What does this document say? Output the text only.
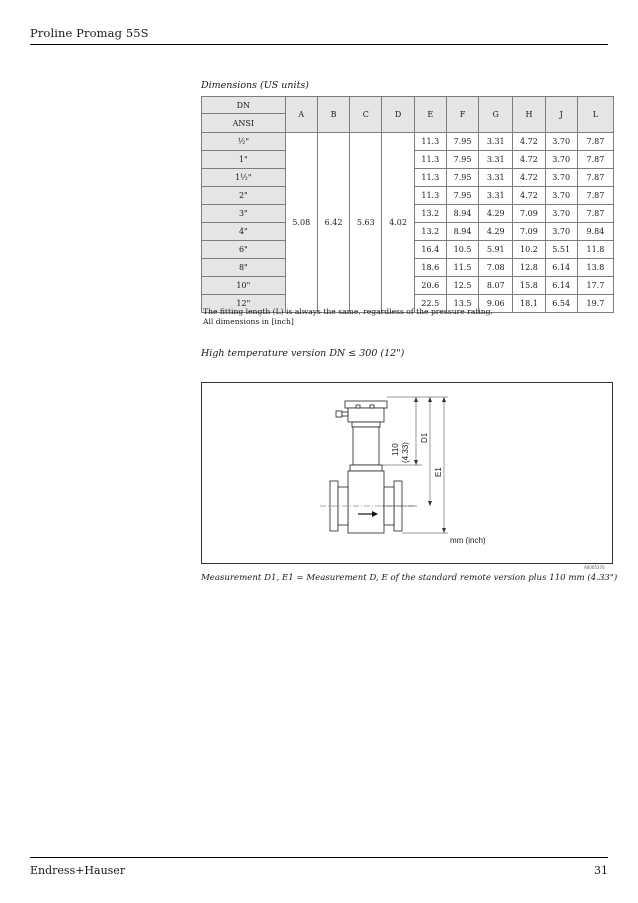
Proline Promag 55S
Dimensions (US units)
DN	A	B	C	D	E	F	G	H	J	L
ANSI										
½"	5.08	6.42	5.63	4.02	11.3	7.95	3.31	4.72	3.70	7.87
1"					11.3	7.95	3.31	4.72	3.70	7.87
1½"					11.3	7.95	3.31	4.72	3.70	7.87
2"					11.3	7.95	3.31	4.72	3.70	7.87
3"					13.2	8.94	4.29	7.09	3.70	7.87
4"					13.2	8.94	4.29	7.09	3.70	9.84
6"					16.4	10.5	5.91	10.2	5.51	11.8
8"					18.6	11.5	7.08	12.8	6.14	13.8
10"					20.6	12.5	8.07	15.8	6.14	17.7
12"					22.5	13.5	9.06	18.1	6.54	19.7
The fitting length (L) is always the same, regardless of the pressure rating.
All dimensions in [inch]
High temperature version DN ≤ 300 (12")
110 (4.33)
D1
E1
mm (inch)
A0005370
Measurement D1, E1 = Measurement D, E of the standard remote version plus 110 mm (4.33")
Endress+Hauser	31
